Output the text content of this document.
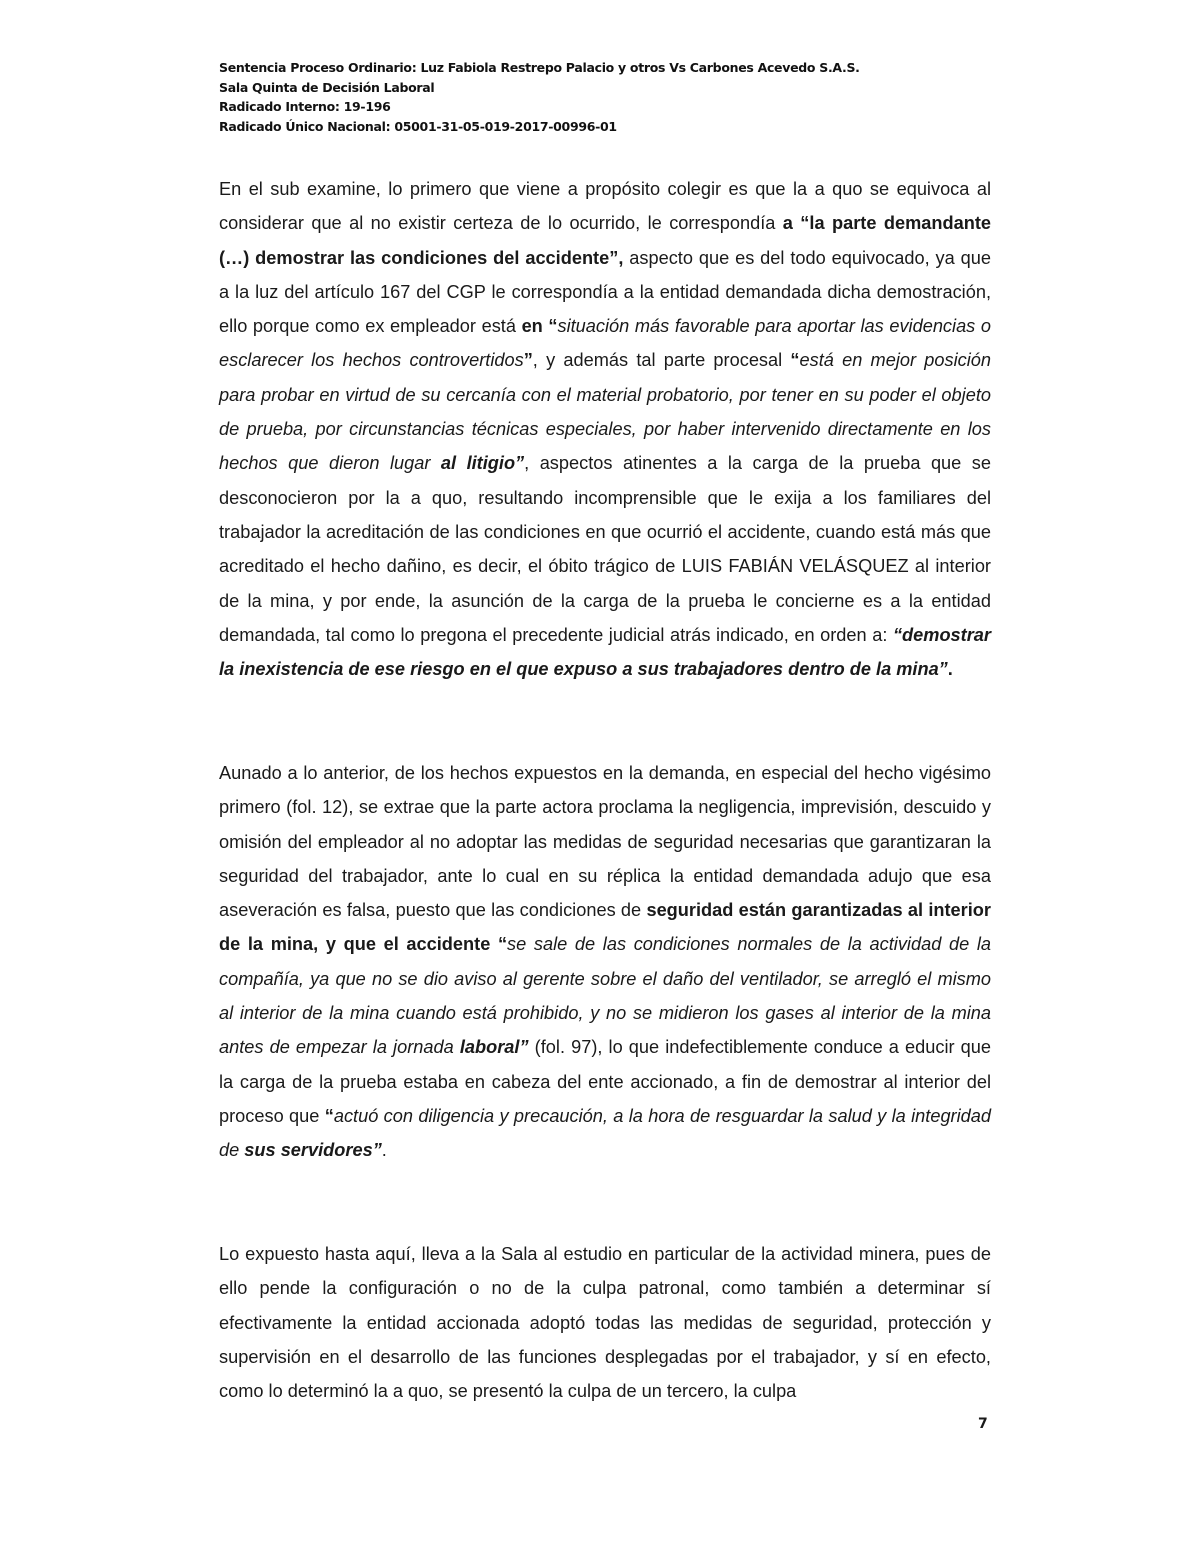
Sentencia Proceso Ordinario: Luz Fabiola Restrepo Palacio y otros Vs Carbones Acevedo S.A.S.
Sala Quinta de Decisión Laboral
Radicado Interno: 19-196
Radicado Único Nacional: 05001-31-05-019-2017-00996-01

En el sub examine, lo primero que viene a propósito colegir es que la a quo se equivoca al considerar que al no existir certeza de lo ocurrido, le correspondía a “la parte demandante (…) demostrar las condiciones del accidente”, aspecto que es del todo equivocado, ya que a la luz del artículo 167 del CGP le correspondía a la entidad demandada dicha demostración, ello porque como ex empleador está en “situación más favorable para aportar las evidencias o esclarecer los hechos controvertidos”, y además tal parte procesal “está en mejor posición para probar en virtud de su cercanía con el material probatorio, por tener en su poder el objeto de prueba, por circunstancias técnicas especiales, por haber intervenido directamente en los hechos que dieron lugar al litigio”, aspectos atinentes a la carga de la prueba que se desconocieron por la a quo, resultando incomprensible que le exija a los familiares del trabajador la acreditación de las condiciones en que ocurrió el accidente, cuando está más que acreditado el hecho dañino, es decir, el óbito trágico de LUIS FABIÁN VELÁSQUEZ al interior de la mina, y por ende, la asunción de la carga de la prueba le concierne es a la entidad demandada, tal como lo pregona el precedente judicial atrás indicado, en orden a: “demostrar la inexistencia de ese riesgo en el que expuso a sus trabajadores dentro de la mina”.

Aunado a lo anterior, de los hechos expuestos en la demanda, en especial del hecho vigésimo primero (fol. 12), se extrae que la parte actora proclama la negligencia, imprevisión, descuido y omisión del empleador al no adoptar las medidas de seguridad necesarias que garantizaran la seguridad del trabajador, ante lo cual en su réplica la entidad demandada adujo que esa aseveración es falsa, puesto que las condiciones de seguridad están garantizadas al interior de la mina, y que el accidente “se sale de las condiciones normales de la actividad de la compañía, ya que no se dio aviso al gerente sobre el daño del ventilador, se arregló el mismo al interior de la mina cuando está prohibido, y no se midieron los gases al interior de la mina antes de empezar la jornada laboral” (fol. 97), lo que indefectiblemente conduce a educir que la carga de la prueba estaba en cabeza del ente accionado, a fin de demostrar al interior del proceso que “actuó con diligencia y precaución, a la hora de resguardar la salud y la integridad de sus servidores”.

Lo expuesto hasta aquí, lleva a la Sala al estudio en particular de la actividad minera, pues de ello pende la configuración o no de la culpa patronal, como también a determinar sí efectivamente la entidad accionada adoptó todas las medidas de seguridad, protección y supervisión en el desarrollo de las funciones desplegadas por el trabajador, y sí en efecto, como lo determinó la a quo, se presentó la culpa de un tercero, la culpa

7
